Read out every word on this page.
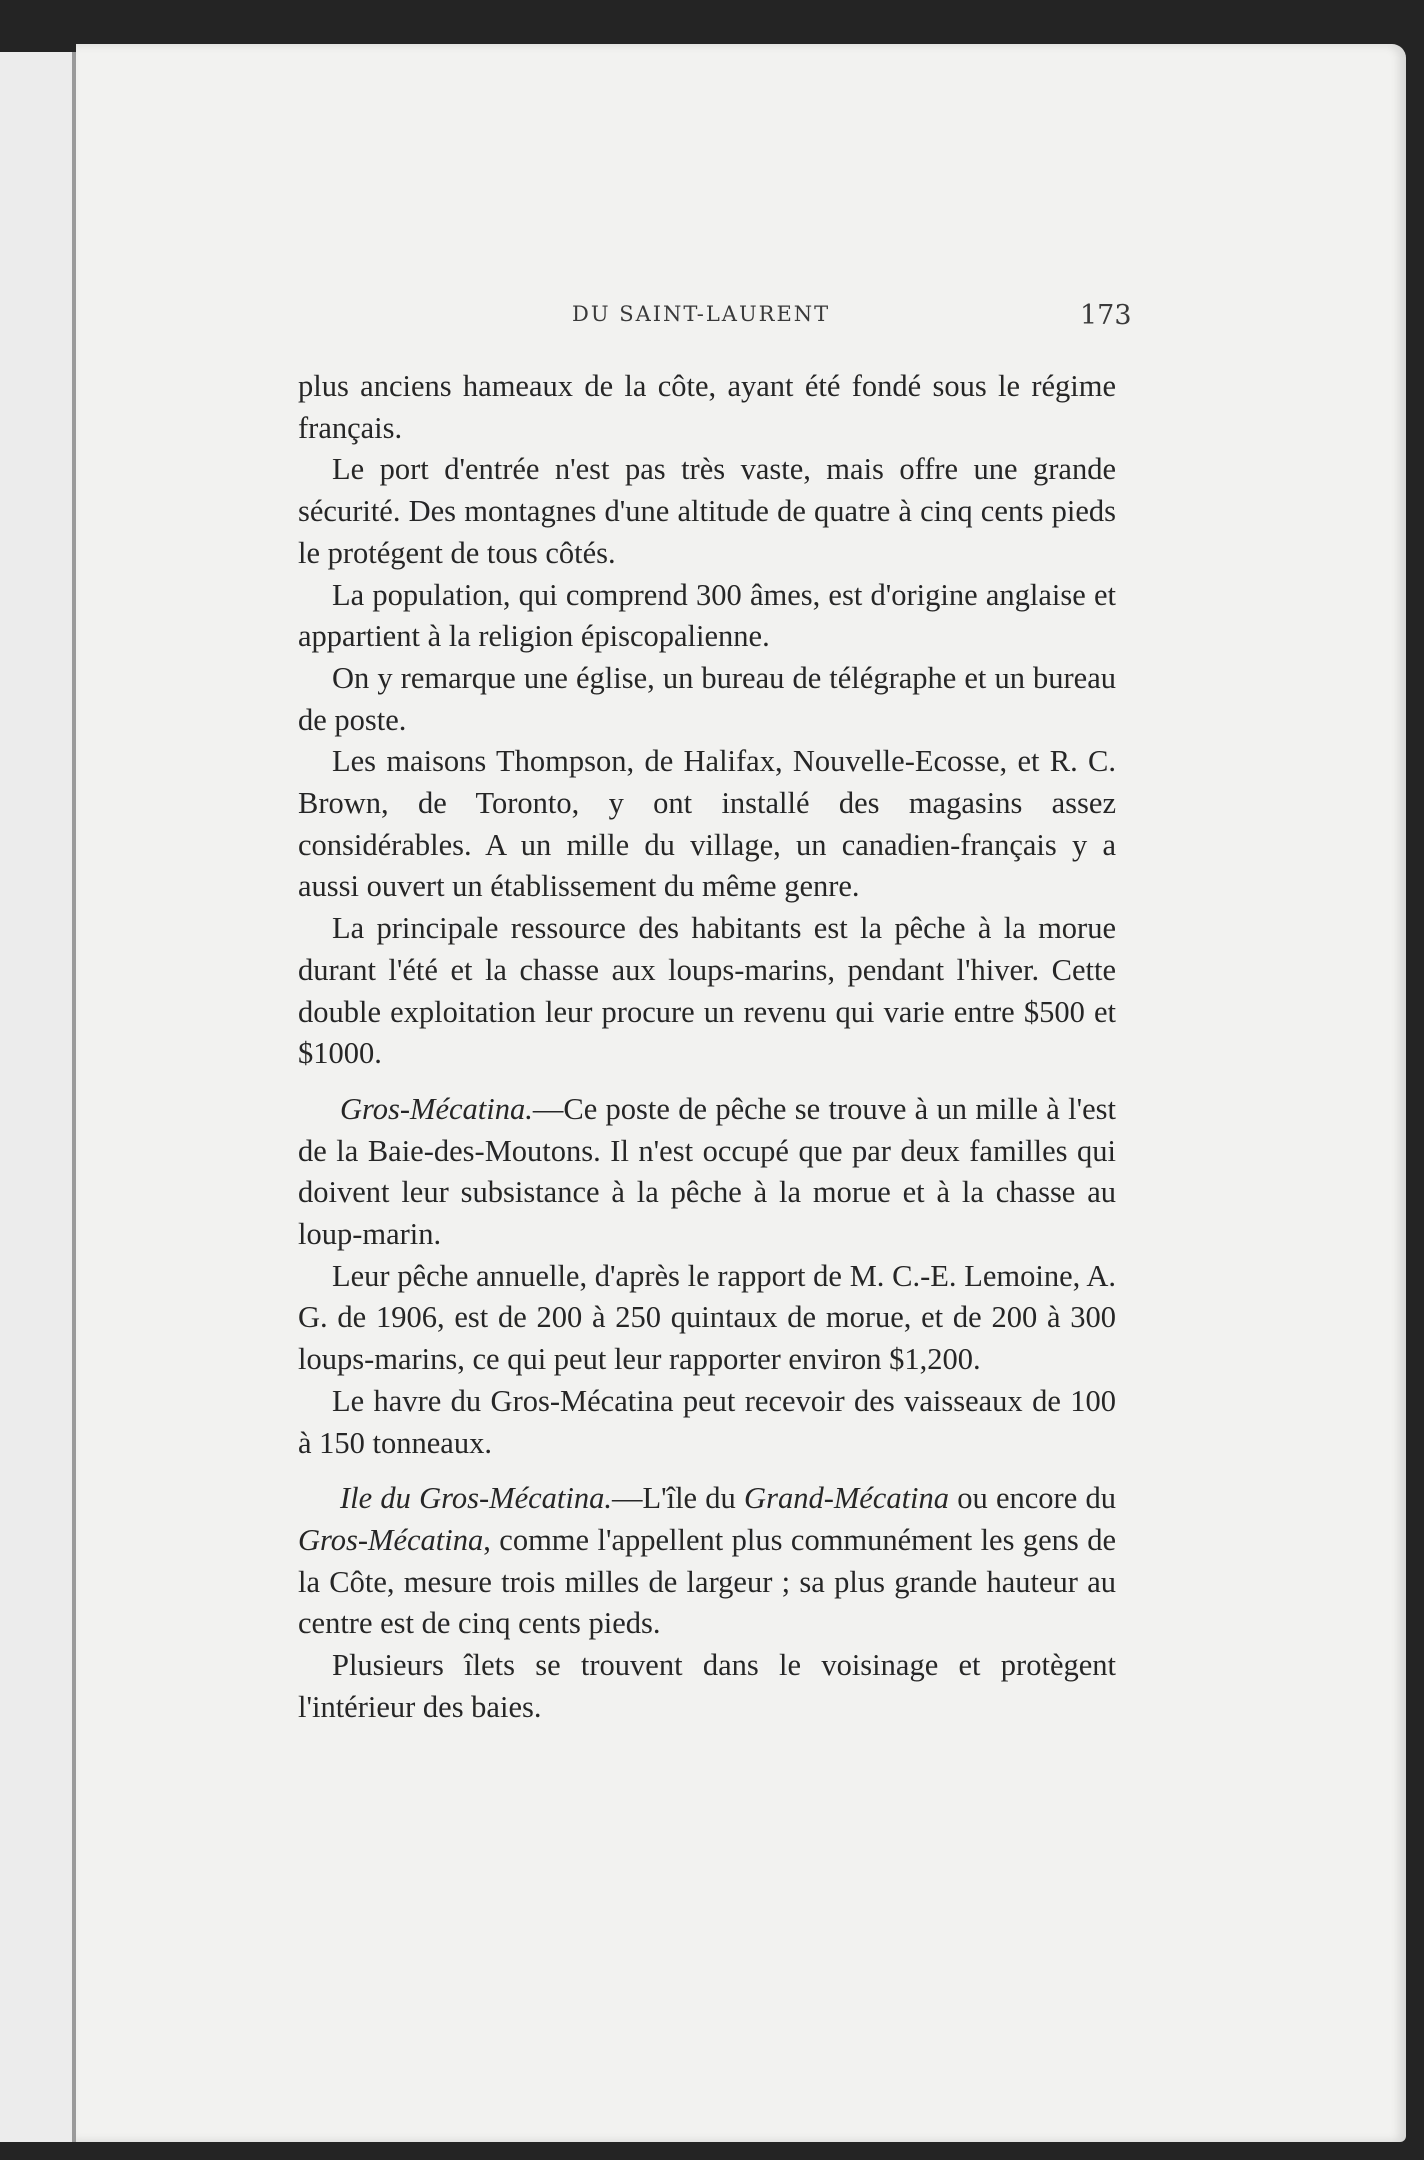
DU SAINT-LAURENT	173

plus anciens hameaux de la côte, ayant été fondé sous le régime français.

Le port d'entrée n'est pas très vaste, mais offre une grande sécurité. Des montagnes d'une altitude de quatre à cinq cents pieds le protégent de tous côtés.

La population, qui comprend 300 âmes, est d'origine anglaise et appartient à la religion épiscopalienne.

On y remarque une église, un bureau de télégraphe et un bureau de poste.

Les maisons Thompson, de Halifax, Nouvelle-Ecosse, et R. C. Brown, de Toronto, y ont installé des magasins assez considérables. A un mille du village, un canadien-français y a aussi ouvert un établissement du même genre.

La principale ressource des habitants est la pêche à la morue durant l'été et la chasse aux loups-marins, pendant l'hiver. Cette double exploitation leur procure un revenu qui varie entre $500 et $1000.

Gros-Mécatina.—Ce poste de pêche se trouve à un mille à l'est de la Baie-des-Moutons. Il n'est occupé que par deux familles qui doivent leur subsistance à la pêche à la morue et à la chasse au loup-marin.

Leur pêche annuelle, d'après le rapport de M. C.-E. Lemoine, A. G. de 1906, est de 200 à 250 quintaux de morue, et de 200 à 300 loups-marins, ce qui peut leur rapporter environ $1,200.

Le havre du Gros-Mécatina peut recevoir des vaisseaux de 100 à 150 tonneaux.

Ile du Gros-Mécatina.—L'île du Grand-Mécatina ou encore du Gros-Mécatina, comme l'appellent plus communément les gens de la Côte, mesure trois milles de largeur ; sa plus grande hauteur au centre est de cinq cents pieds.

Plusieurs îlets se trouvent dans le voisinage et protègent l'intérieur des baies.
